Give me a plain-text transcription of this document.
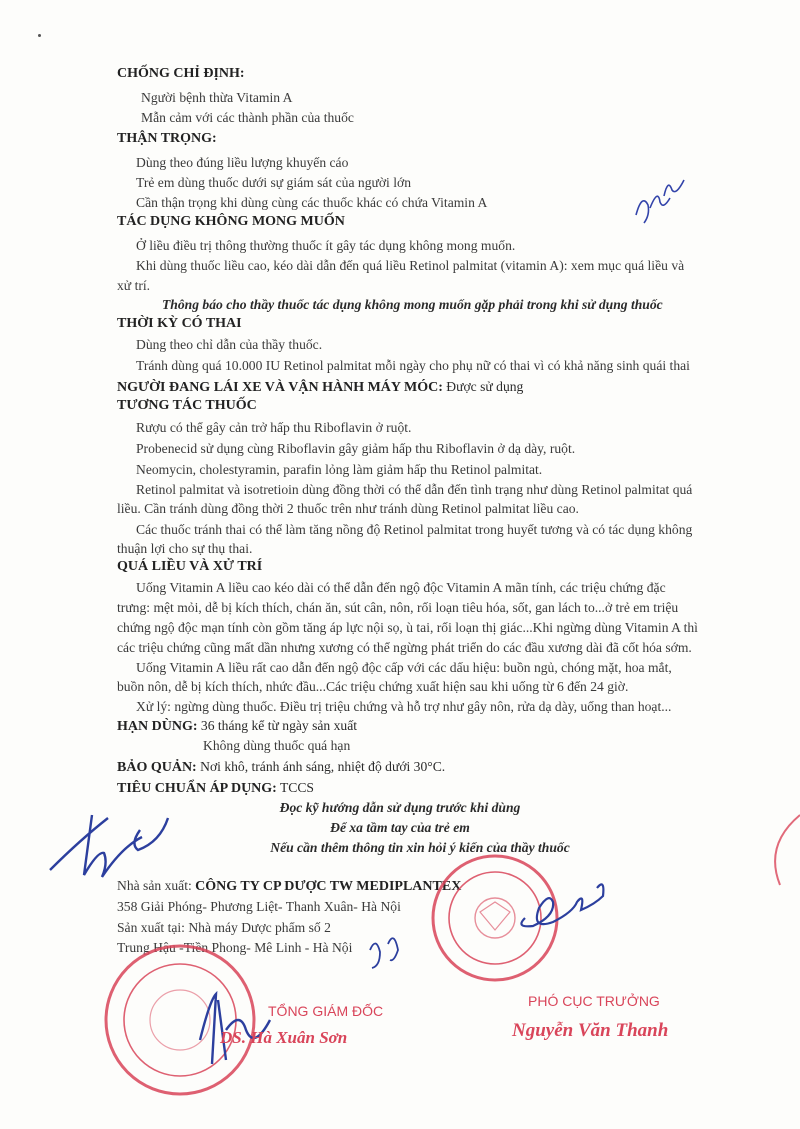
CHỐNG CHỈ ĐỊNH:

Người bệnh thừa Vitamin A

Mẫn cảm với các thành phần của thuốc

THẬN TRỌNG:

Dùng theo đúng liều lượng khuyến cáo

Trẻ em dùng thuốc dưới sự giám sát của người lớn

Cần thận trọng khi dùng cùng các thuốc khác có chứa Vitamin A

TÁC DỤNG KHÔNG MONG MUỐN

Ở liều điều trị thông thường thuốc ít gây tác dụng không mong muốn.

Khi dùng thuốc liều cao, kéo dài dẫn đến quá liều Retinol palmitat (vitamin A): xem mục quá liều và

xử trí.

Thông báo cho thầy thuốc tác dụng không mong muốn gặp phải trong khi sử dụng thuốc

THỜI KỲ CÓ THAI

Dùng theo chỉ dẫn của thầy thuốc.

Tránh dùng quá 10.000 IU Retinol palmitat mỗi ngày cho phụ nữ có thai vì có khả năng sinh quái thai

NGƯỜI ĐANG LÁI XE VÀ VẬN HÀNH MÁY MÓC: Được sử dụng

TƯƠNG TÁC THUỐC

Rượu có thể gây cản trở hấp thu Riboflavin ở ruột.

Probenecid sử dụng cùng Riboflavin gây giảm hấp thu Riboflavin ở dạ dày, ruột.

Neomycin, cholestyramin, parafin lỏng làm giảm hấp thu Retinol palmitat.

Retinol palmitat và isotretioin dùng đồng thời có thể dẫn đến tình trạng như dùng Retinol palmitat quá

liều. Cần tránh dùng đồng thời 2 thuốc trên như tránh dùng Retinol palmitat liều cao.

Các thuốc tránh thai có thể làm tăng nồng độ Retinol palmitat trong huyết tương và có tác dụng không

thuận lợi cho sự thụ thai.

QUÁ LIỀU VÀ XỬ TRÍ

Uống Vitamin A liều cao kéo dài có thể dẫn đến ngộ độc Vitamin A mãn tính, các triệu chứng đặc

trưng: mệt mỏi, dễ bị kích thích, chán ăn, sút cân, nôn, rối loạn tiêu hóa, sốt, gan lách to...ở trẻ em triệu

chứng ngộ độc mạn tính còn gồm tăng áp lực nội sọ, ù tai, rối loạn thị giác...Khi ngừng dùng Vitamin A thì

các triệu chứng cũng mất dần nhưng xương có thể ngừng phát triển do các đầu xương dài đã cốt hóa sớm.

Uống Vitamin A liều rất cao dẫn đến ngộ độc cấp với các dấu hiệu: buồn ngủ, chóng mặt, hoa mắt,

buồn nôn, dễ bị kích thích, nhức đầu...Các triệu chứng xuất hiện sau khi uống từ 6 đến 24 giờ.

Xử lý: ngừng dùng thuốc. Điều trị triệu chứng và hỗ trợ như gây nôn, rửa dạ dày, uống than hoạt...

HẠN DÙNG: 36 tháng kể từ ngày sản xuất

Không dùng thuốc quá hạn

BẢO QUẢN: Nơi khô, tránh ánh sáng, nhiệt độ dưới 30°C.

TIÊU CHUẨN ÁP DỤNG: TCCS

Đọc kỹ hướng dẫn sử dụng trước khi dùng

Để xa tầm tay của trẻ em

Nếu cần thêm thông tin xin hỏi ý kiến của thầy thuốc

Nhà sản xuất: CÔNG TY CP DƯỢC TW MEDIPLANTEX

358 Giải Phóng- Phương Liệt- Thanh Xuân- Hà Nội

Sản xuất tại: Nhà máy Dược phẩm số 2

Trung Hậu -Tiền Phong- Mê Linh - Hà Nội

TỔNG GIÁM ĐỐC

DS. Hà Xuân Sơn

PHÓ CỤC TRƯỞNG

Nguyễn Văn Thanh
